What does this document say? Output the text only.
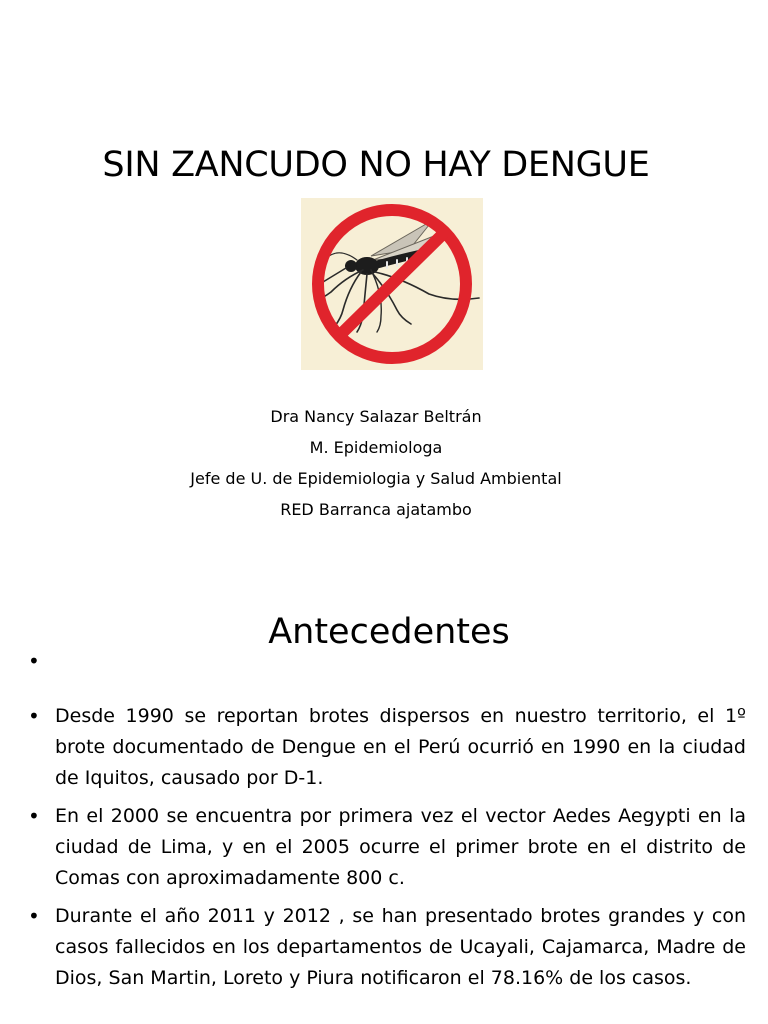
SIN ZANCUDO NO HAY DENGUE
Dra Nancy Salazar Beltrán
M. Epidemiologa
Jefe de U. de Epidemiologia y Salud Ambiental
RED Barranca ajatambo
Antecedentes
•
• Desde 1990 se reportan brotes dispersos en nuestro territorio, el 1º brote documentado de Dengue en el Perú ocurrió en 1990 en la ciudad de Iquitos, causado por D-1.
• En el 2000 se encuentra por primera vez el vector Aedes Aegypti en la ciudad de Lima, y en el 2005 ocurre el primer brote en el distrito de Comas con aproximadamente 800 c.
• Durante el año 2011 y 2012 , se han presentado brotes grandes y con casos fallecidos en los departamentos de Ucayali, Cajamarca, Madre de Dios, San Martin, Loreto y Piura notificaron el 78.16% de los casos.
